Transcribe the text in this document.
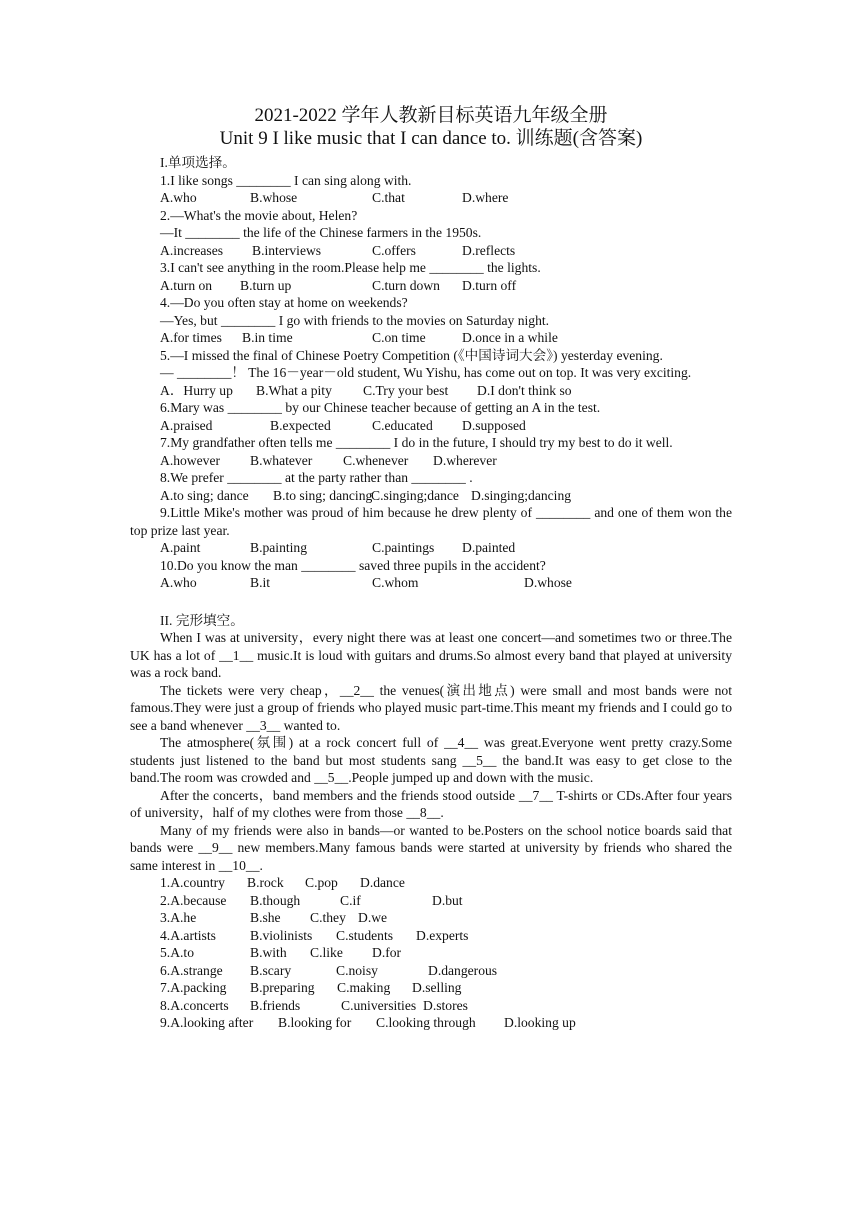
2021-2022 学年人教新目标英语九年级全册
Unit 9 I like music that I can dance to. 训练题(含答案)
I.单项选择。
1.I like songs ________ I can sing along with.
A.who	B.whose	C.that	D.where
2.—What's the movie about, Helen?
—It ________ the life of the Chinese farmers in the 1950s.
A.increases B.interviews	C.offers	D.reflects
3.I can't see anything in the room.Please help me ________ the lights.
A.turn on B.turn up	C.turn down D.turn off
4.—Do you often stay at home on weekends?
—Yes, but ________ I go with friends to the movies on Saturday night.
A.for times B.in time	C.on time	D.once in a while
5.—I missed the final of Chinese Poetry Competition (《中国诗词大会》) yesterday evening.

— ________！ The 16－year－old student, Wu Yishu, has come out on top. It was very exciting.

A．Hurry up B.What a pity C.Try your best D.I don't think so
6.Mary was ________ by our Chinese teacher because of getting an A in the test.
A.praised	B.expected	C.educated D.supposed

7.My grandfather often tells me ________ I do in the future, I should try my best to do it well.

A.however B.whatever C.whenever D.wherever
8.We prefer ________ at the party rather than ________ .
A.to sing; dance B.to sing; dancingC.singing;dance D.singing;dancing

9.Little Mike's mother was proud of him because he drew plenty of ________ and one of them won the top prize last year.

A.paint	B.painting	C.paintings D.painted
10.Do you know the man ________ saved three pupils in the accident?
A.who	B.it	C.whom	D.whose
II. 完形填空。

When I was at university，every night there was at least one concert—and sometimes two or three.The UK has a lot of __1__ music.It is loud with guitars and drums.So almost every band that played at university was a rock band.

The tickets were very cheap，__2__ the venues(演出地点) were small and most bands were not famous.They were just a group of friends who played music part-time.This meant my friends and I could go to see a band whenever __3__ wanted to.

The atmosphere(氛围) at a rock concert full of __4__ was great.Everyone went pretty crazy.Some students just listened to the band but most students sang __5__ the band.It was easy to get close to the band.The room was crowded and __5__.People jumped up and down with the music.

After the concerts，band members and the friends stood outside __7__ T-shirts or CDs.After four years of university，half of my clothes were from those __8__.

Many of my friends were also in bands—or wanted to be.Posters on the school notice boards said that bands were __9__ new members.Many famous bands were started at university by friends who shared the same interest in __10__.

1.A.country B.rock C.pop D.dance
2.A.because B.though	C.if	D.but
3.A.he	B.she C.they D.we
4.A.artists	B.violinists C.students D.experts
5.A.to	B.with C.like D.for
6.A.strange B.scary	C.noisy	D.dangerous
7.A.packing B.preparing C.making D.selling
8.A.concerts B.friends	C.universities D.stores
9.A.looking after B.looking for C.looking through D.looking up
